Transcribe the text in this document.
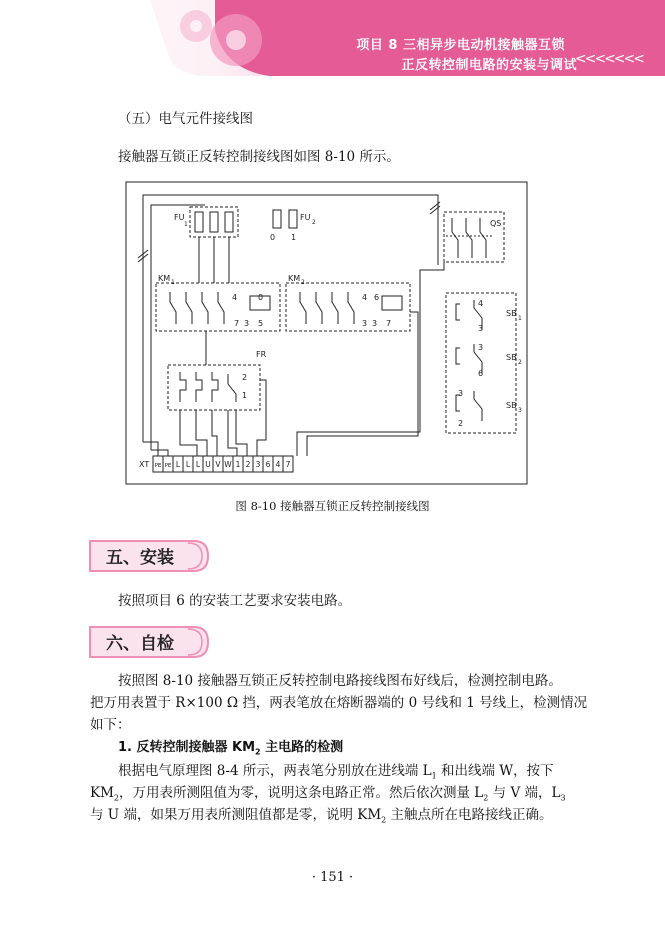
项目 8 三相异步电动机接触器互锁
正反转控制电路的安装与调试
<<<<<<<
（五）电气元件接线图
接触器互锁正反转控制接线图如图 8-10 所示。
FU
1
FU
2
0 1
QS
KM 1
4	0
7 3 5
KM 2
4 6
3 3 7
FR
2
1
4
3
SB
1
3
6
SB
2
3
2
SB
3
XT PE PE L L L U V W 1 2 3 6 4 7
图 8-10 接触器互锁正反转控制接线图
五、安装
按照项目 6 的安装工艺要求安装电路。
六、自检
按照图 8-10 接触器互锁正反转控制电路接线图布好线后，检测控制电路。
把万用表置于 R×100 Ω 挡，两表笔放在熔断器端的 0 号线和 1 号线上，检测情况
如下：
1. 反转控制接触器 $KM_2$ 主电路的检测
根据电气原理图 8-4 所示，两表笔分别放在进线端 $L_1$ 和出线端 W，按下
$KM_2$，万用表所测阻值为零，说明这条电路正常。然后依次测量 $L_2$ 与 V 端，$L_3$
与 U 端，如果万用表所测阻值都是零，说明 $KM_2$ 主触点所在电路接线正确。
· 151 ·
